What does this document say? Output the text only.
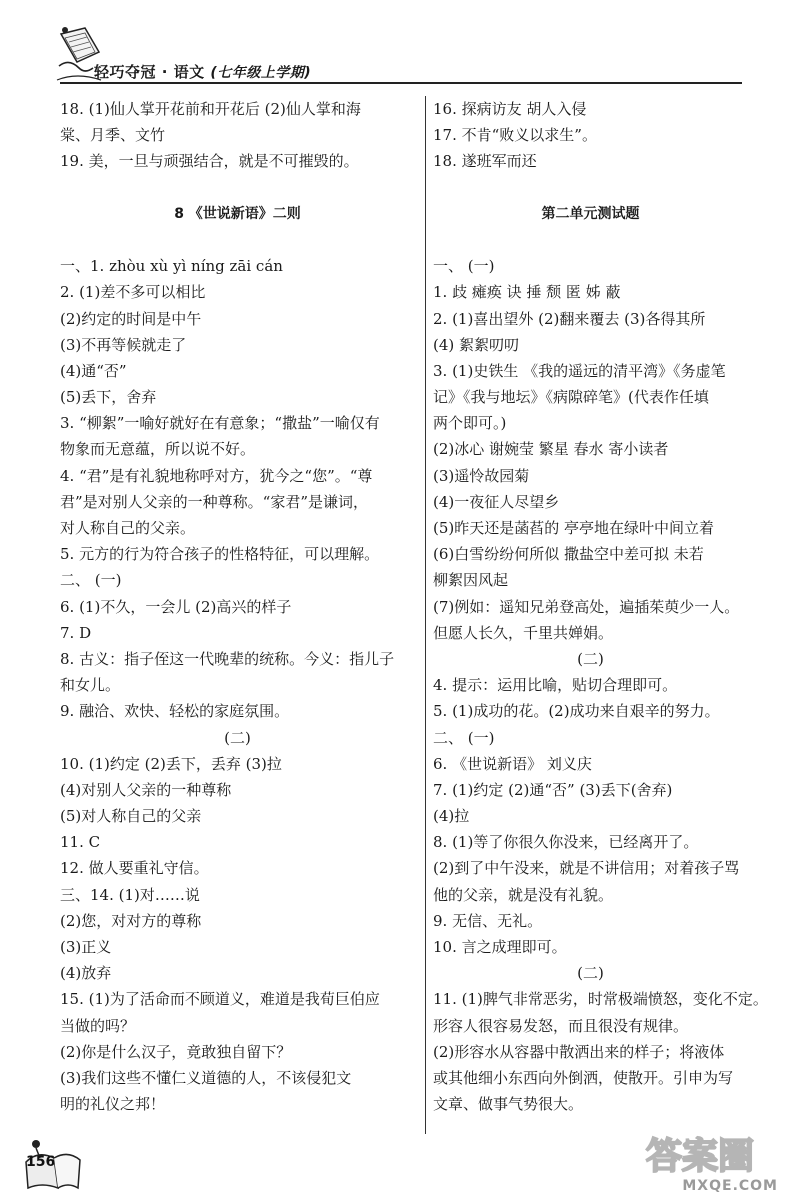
轻巧夺冠 · 语文 (七年级上学期)
18. (1)仙人掌开花前和开花后 (2)仙人掌和海
棠、月季、文竹
19. 美，一旦与顽强结合，就是不可摧毁的。
8 《世说新语》二则
一、1. zhòu xù yì níng zāi cán
2. (1)差不多可以相比
(2)约定的时间是中午
(3)不再等候就走了
(4)通“否”
(5)丢下，舍弃
3. “柳絮”一喻好就好在有意象；“撒盐”一喻仅有
物象而无意蕴，所以说不好。
4. “君”是有礼貌地称呼对方，犹今之“您”。“尊
君”是对别人父亲的一种尊称。“家君”是谦词，
对人称自己的父亲。
5. 元方的行为符合孩子的性格特征，可以理解。
二、 (一)
6. (1)不久，一会儿 (2)高兴的样子
7. D
8. 古义：指子侄这一代晚辈的统称。今义：指儿子
和女儿。
9. 融洽、欢快、轻松的家庭氛围。
(二)
10. (1)约定 (2)丢下，丢弃 (3)拉
(4)对别人父亲的一种尊称
(5)对人称自己的父亲
11. C
12. 做人要重礼守信。
三、14. (1)对……说
(2)您，对对方的尊称
(3)正义
(4)放弃
15. (1)为了活命而不顾道义，难道是我荀巨伯应
当做的吗？
(2)你是什么汉子，竟敢独自留下？
(3)我们这些不懂仁义道德的人，不该侵犯文
明的礼仪之邦！
16. 探病访友 胡人入侵
17. 不肯“败义以求生”。
18. 遂班军而还
第二单元测试题
一、 (一)
1. 歧 瘫痪 诀 捶 颓 匿 姊 蔽
2. (1)喜出望外 (2)翻来覆去 (3)各得其所
(4) 絮絮叨叨
3. (1)史铁生 《我的遥远的清平湾》《务虚笔
记》《我与地坛》《病隙碎笔》(代表作任填
两个即可。)
(2)冰心 谢婉莹 繁星 春水 寄小读者
(3)遥怜故园菊
(4)一夜征人尽望乡
(5)昨天还是菡萏的 亭亭地在绿叶中间立着
(6)白雪纷纷何所似 撒盐空中差可拟 未若
柳絮因风起
(7)例如：遥知兄弟登高处，遍插茱萸少一人。
但愿人长久，千里共婵娟。
(二)
4. 提示：运用比喻，贴切合理即可。
5. (1)成功的花。(2)成功来自艰辛的努力。
二、 (一)
6. 《世说新语》 刘义庆
7. (1)约定 (2)通“否” (3)丢下(舍弃)
(4)拉
8. (1)等了你很久你没来，已经离开了。
(2)到了中午没来，就是不讲信用；对着孩子骂
他的父亲，就是没有礼貌。
9. 无信、无礼。
10. 言之成理即可。
(二)
11. (1)脾气非常恶劣，时常极端愤怒，变化不定。
形容人很容易发怒，而且很没有规律。
(2)形容水从容器中散洒出来的样子；将液体
或其他细小东西向外倒洒，使散开。引申为写
文章、做事气势很大。
156	答案圈
MXQE.COM
